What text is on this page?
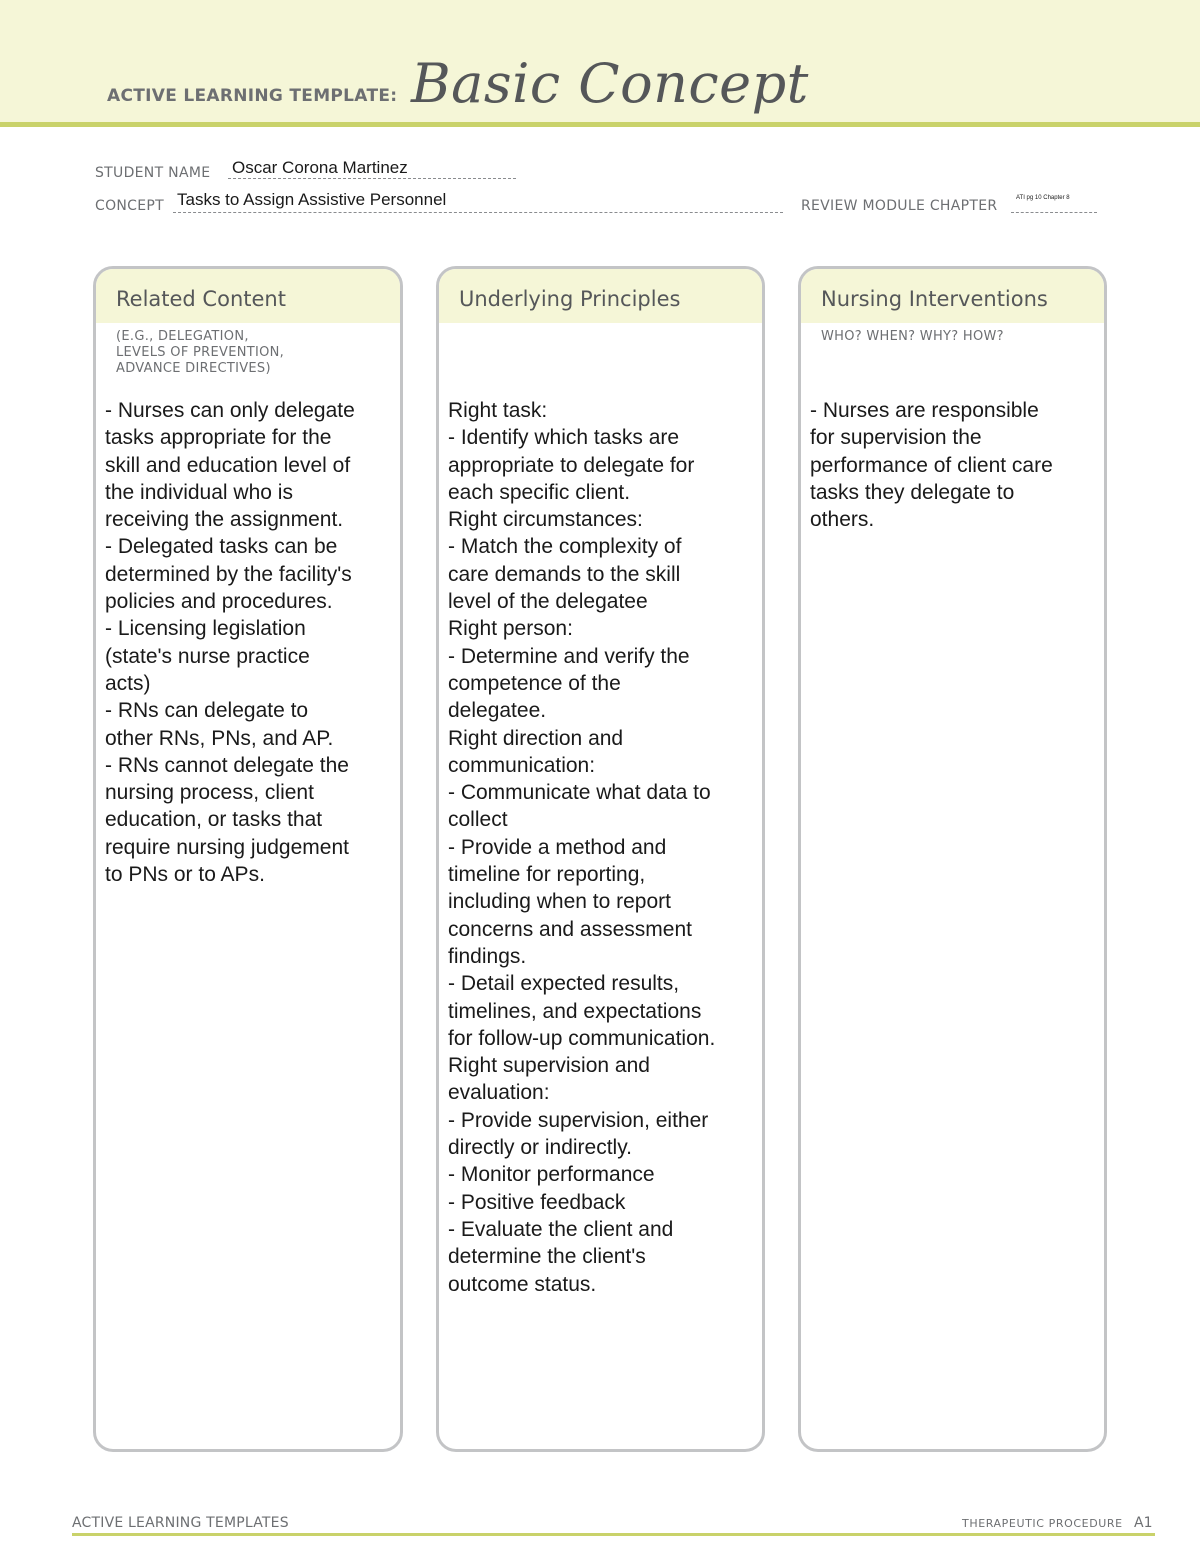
ACTIVE LEARNING TEMPLATE: Basic Concept
STUDENT NAME Oscar Corona Martinez
CONCEPT Tasks to Assign Assistive Personnel	REVIEW MODULE CHAPTER	ATI pg 10 Chapter 8
Related Content
(E.G., DELEGATION,
LEVELS OF PREVENTION,
ADVANCE DIRECTIVES)
- Nurses can only delegate
tasks appropriate for the
skill and education level of
the individual who is
receiving the assignment.
- Delegated tasks can be
determined by the facility's
policies and procedures.
- Licensing legislation
(state's nurse practice
acts)
- RNs can delegate to
other RNs, PNs, and AP.
- RNs cannot delegate the
nursing process, client
education, or tasks that
require nursing judgement
to PNs or to APs.
Underlying Principles
Right task:
- Identify which tasks are
appropriate to delegate for
each specific client.
Right circumstances:
- Match the complexity of
care demands to the skill
level of the delegatee
Right person:
- Determine and verify the
competence of the
delegatee.
Right direction and
communication:
- Communicate what data to
collect
- Provide a method and
timeline for reporting,
including when to report
concerns and assessment
findings.
- Detail expected results,
timelines, and expectations
for follow-up communication.
Right supervision and
evaluation:
- Provide supervision, either
directly or indirectly.
- Monitor performance
- Positive feedback
- Evaluate the client and
determine the client's
outcome status.
Nursing Interventions
WHO? WHEN? WHY? HOW?
- Nurses are responsible
for supervision the
performance of client care
tasks they delegate to
others.
ACTIVE LEARNING TEMPLATES	THERAPEUTIC PROCEDURE A1
